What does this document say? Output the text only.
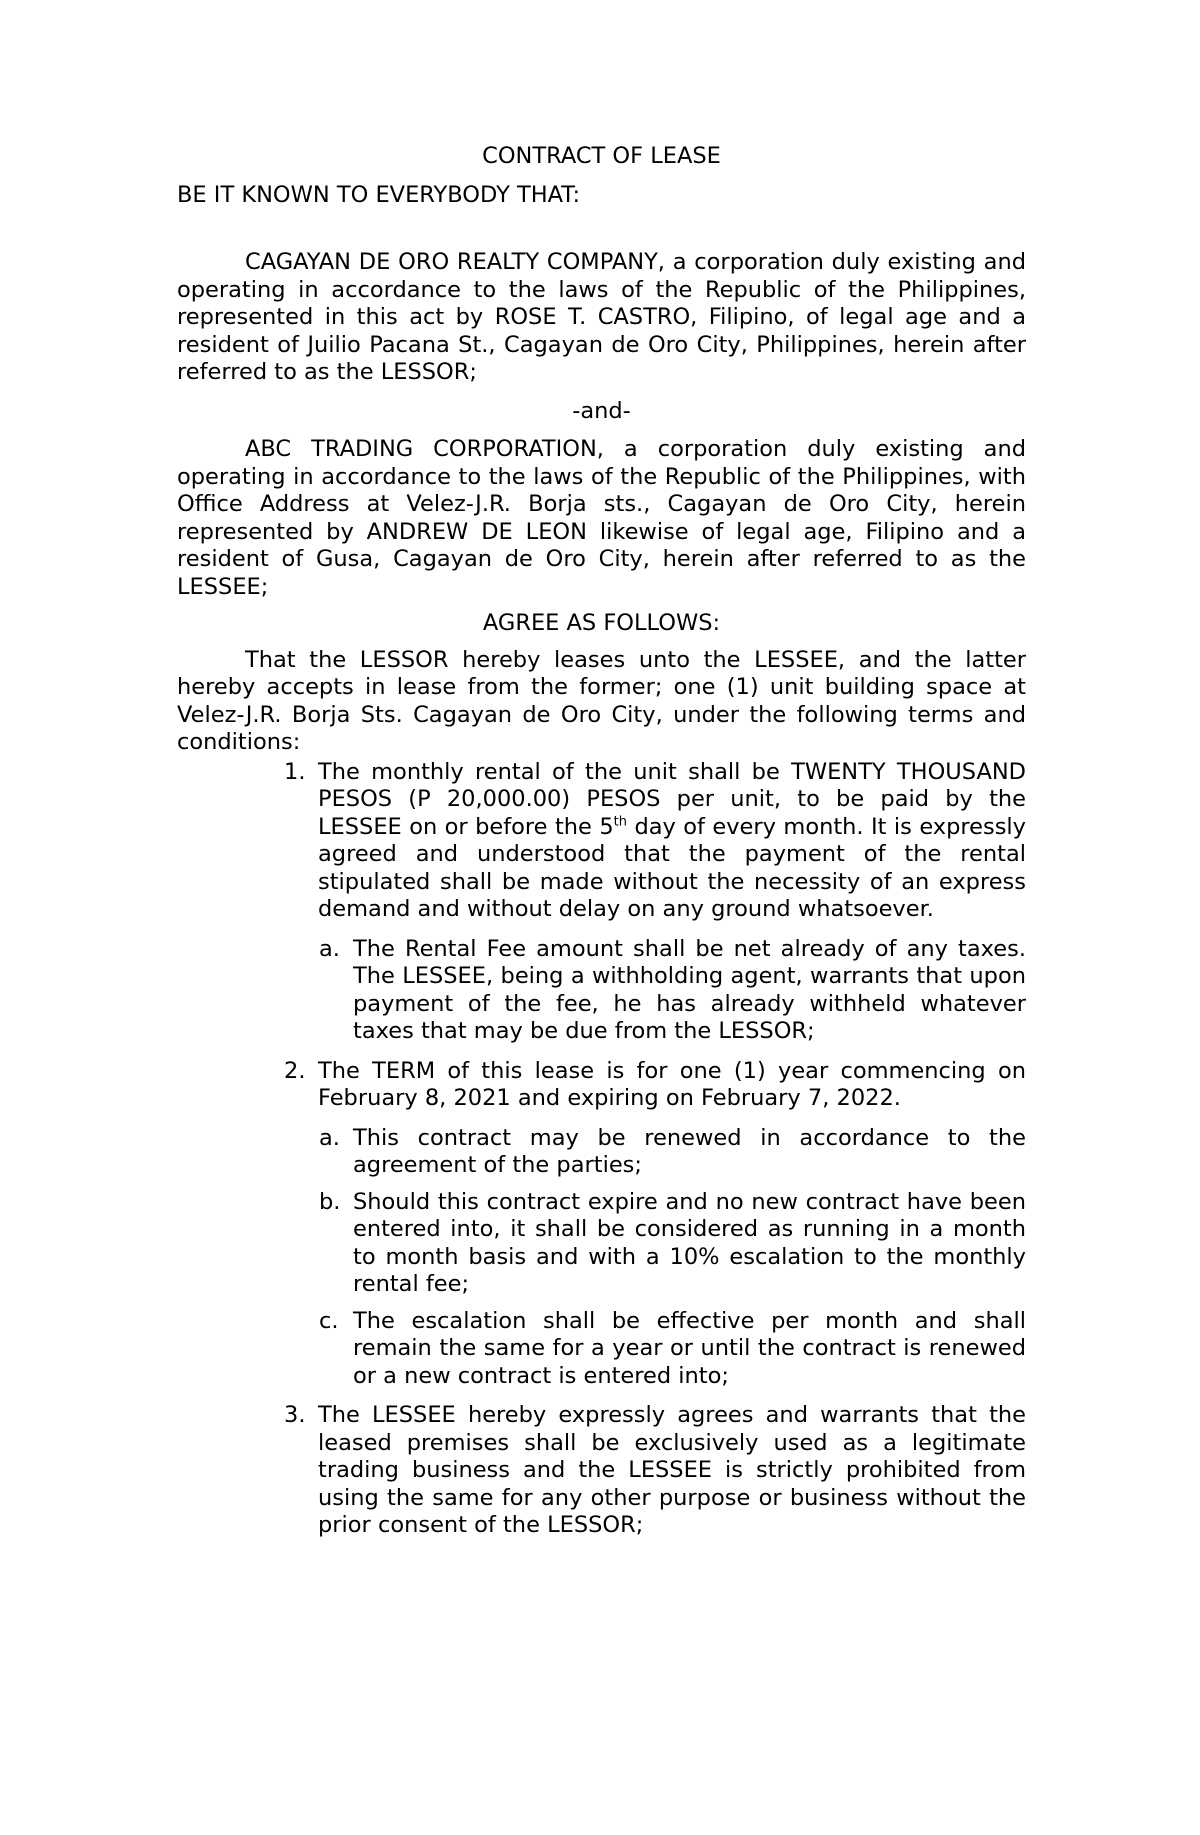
CONTRACT OF LEASE

BE IT KNOWN TO EVERYBODY THAT:

CAGAYAN DE ORO REALTY COMPANY, a corporation duly existing and operating in accordance to the laws of the Republic of the Philippines, represented in this act by ROSE T. CASTRO, Filipino, of legal age and a resident of Juilio Pacana St., Cagayan de Oro City, Philippines, herein after referred to as the LESSOR;

-and-

ABC TRADING CORPORATION, a corporation duly existing and operating in accordance to the laws of the Republic of the Philippines, with Office Address at Velez-J.R. Borja sts., Cagayan de Oro City, herein represented by ANDREW DE LEON likewise of legal age, Filipino and a resident of Gusa, Cagayan de Oro City, herein after referred to as the LESSEE;

AGREE AS FOLLOWS:

That the LESSOR hereby leases unto the LESSEE, and the latter hereby accepts in lease from the former; one (1) unit building space at Velez-J.R. Borja Sts. Cagayan de Oro City, under the following terms and conditions:

1. The monthly rental of the unit shall be TWENTY THOUSAND PESOS (P 20,000.00) PESOS per unit, to be paid by the LESSEE on or before the 5th day of every month. It is expressly agreed and understood that the payment of the rental stipulated shall be made without the necessity of an express demand and without delay on any ground whatsoever.
a. The Rental Fee amount shall be net already of any taxes. The LESSEE, being a withholding agent, warrants that upon payment of the fee, he has already withheld whatever taxes that may be due from the LESSOR;
2. The TERM of this lease is for one (1) year commencing on February 8, 2021 and expiring on February 7, 2022.
a. This contract may be renewed in accordance to the agreement of the parties;
b. Should this contract expire and no new contract have been entered into, it shall be considered as running in a month to month basis and with a 10% escalation to the monthly rental fee;
c. The escalation shall be effective per month and shall remain the same for a year or until the contract is renewed or a new contract is entered into;
3. The LESSEE hereby expressly agrees and warrants that the leased premises shall be exclusively used as a legitimate trading business and the LESSEE is strictly prohibited from using the same for any other purpose or business without the prior consent of the LESSOR;
